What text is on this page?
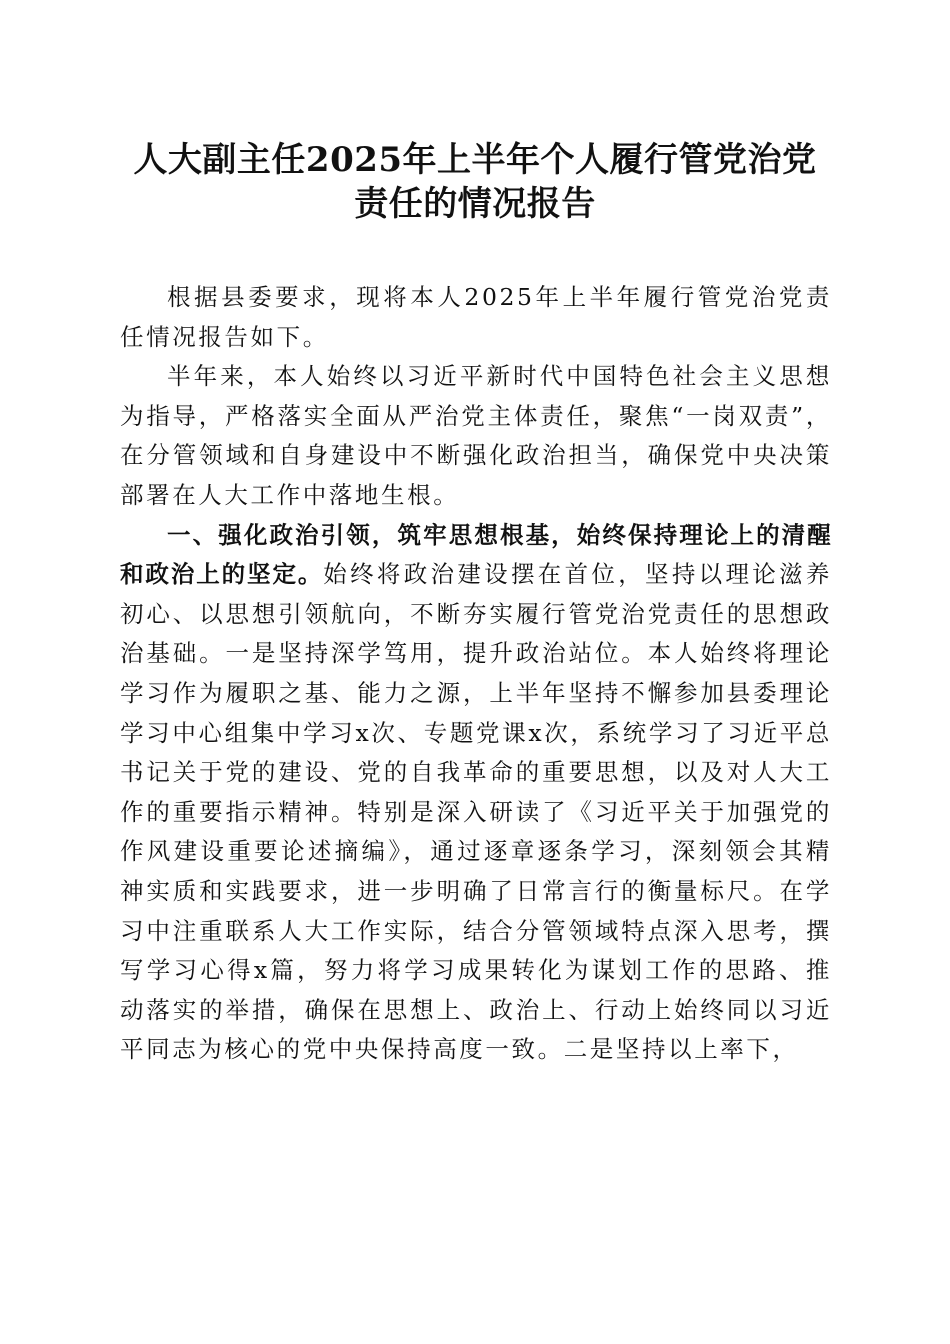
人大副主任2025年上半年个人履行管党治党
责任的情况报告

根据县委要求，现将本人2025年上半年履行管党治党责任情况报告如下。

半年来，本人始终以习近平新时代中国特色社会主义思想为指导，严格落实全面从严治党主体责任，聚焦“一岗双责”，在分管领域和自身建设中不断强化政治担当，确保党中央决策部署在人大工作中落地生根。

一、强化政治引领，筑牢思想根基，始终保持理论上的清醒和政治上的坚定。始终将政治建设摆在首位，坚持以理论滋养初心、以思想引领航向，不断夯实履行管党治党责任的思想政治基础。一是坚持深学笃用，提升政治站位。本人始终将理论学习作为履职之基、能力之源，上半年坚持不懈参加县委理论学习中心组集中学习x次、专题党课x次，系统学习了习近平总书记关于党的建设、党的自我革命的重要思想，以及对人大工作的重要指示精神。特别是深入研读了《习近平关于加强党的作风建设重要论述摘编》，通过逐章逐条学习，深刻领会其精神实质和实践要求，进一步明确了日常言行的衡量标尺。在学习中注重联系人大工作实际，结合分管领域特点深入思考，撰写学习心得x篇，努力将学习成果转化为谋划工作的思路、推动落实的举措，确保在思想上、政治上、行动上始终同以习近平同志为核心的党中央保持高度一致。二是坚持以上率下，
